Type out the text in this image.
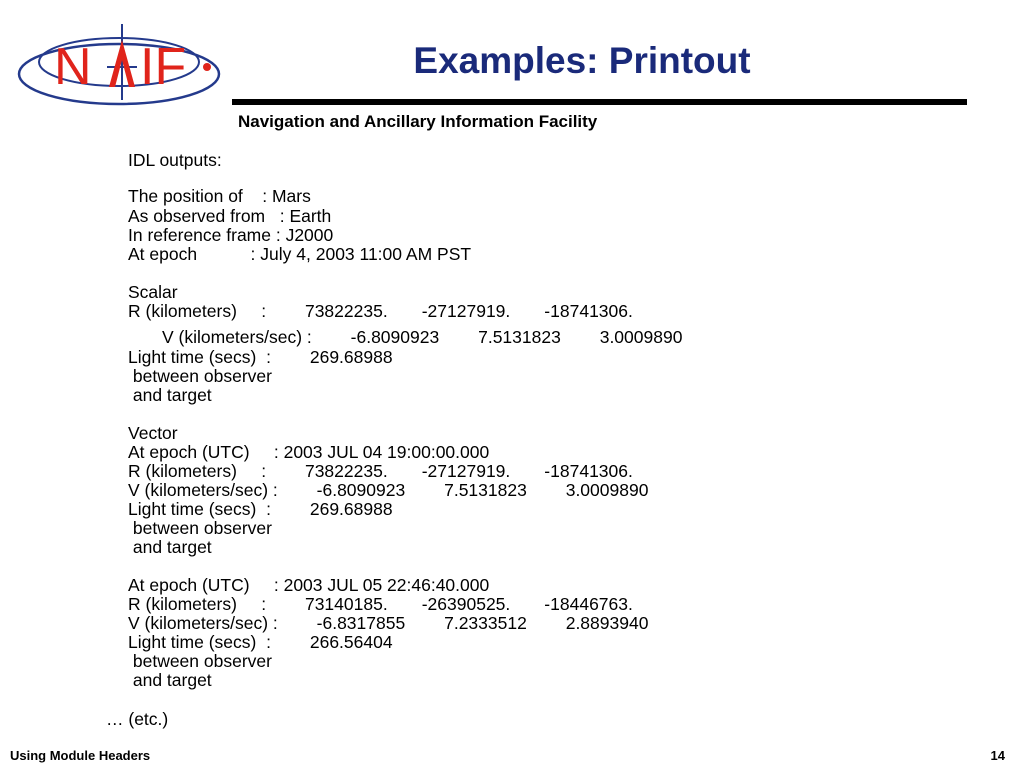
N IF	Examples: Printout
Navigation and Ancillary Information Facility
IDL outputs:
The position of    : Mars
As observed from   : Earth
In reference frame : J2000
At epoch           : July 4, 2003 11:00 AM PST
Scalar
R (kilometers)     :        73822235.       -27127919.       -18741306.
V (kilometers/sec) :        -6.8090923        7.5131823        3.0009890
Light time (secs)  :        269.68988
between observer
and target
Vector
At epoch (UTC)     : 2003 JUL 04 19:00:00.000
R (kilometers)     :        73822235.       -27127919.       -18741306.
V (kilometers/sec) :        -6.8090923        7.5131823        3.0009890
Light time (secs)  :        269.68988
between observer
and target
At epoch (UTC)     : 2003 JUL 05 22:46:40.000
R (kilometers)     :        73140185.       -26390525.       -18446763.
V (kilometers/sec) :        -6.8317855        7.2333512        2.8893940
Light time (secs)  :        266.56404
between observer
and target
… (etc.)
Using Module Headers	14
